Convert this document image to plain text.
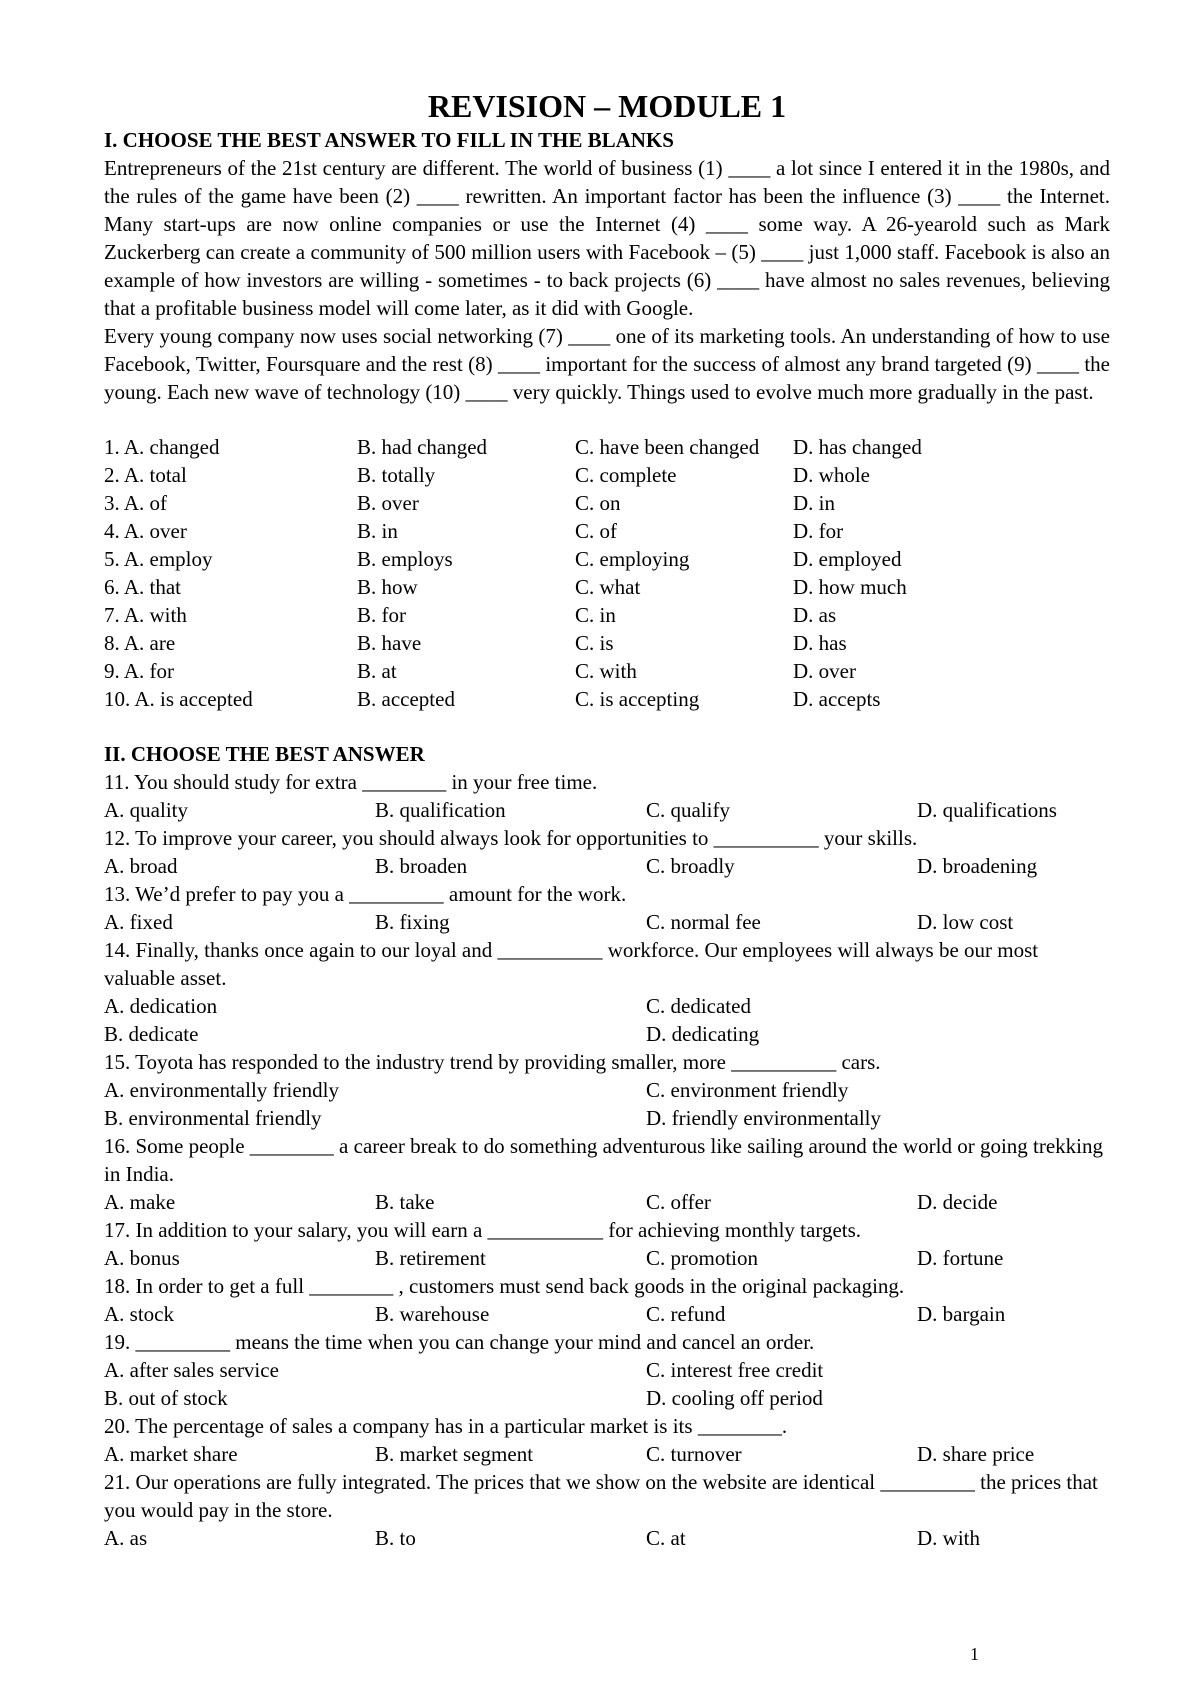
REVISION – MODULE 1

I. CHOOSE THE BEST ANSWER TO FILL IN THE BLANKS

Entrepreneurs of the 21st century are different. The world of business (1) ____ a lot since I entered it in the 1980s, and the rules of the game have been (2) ____ rewritten. An important factor has been the influence (3) ____ the Internet. Many start-ups are now online companies or use the Internet (4) ____ some way. A 26-yearold such as Mark Zuckerberg can create a community of 500 million users with Facebook – (5) ____ just 1,000 staff. Facebook is also an example of how investors are willing - sometimes - to back projects (6) ____ have almost no sales revenues, believing that a profitable business model will come later, as it did with Google.

Every young company now uses social networking (7) ____ one of its marketing tools. An understanding of how to use Facebook, Twitter, Foursquare and the rest (8) ____ important for the success of almost any brand targeted (9) ____ the young. Each new wave of technology (10) ____ very quickly. Things used to evolve much more gradually in the past.

1. A. changed	B. had changed	C. have been changed	D. has changed
2. A. total	B. totally	C. complete	D. whole
3. A. of	B. over	C. on	D. in
4. A. over	B. in	C. of	D. for
5. A. employ	B. employs	C. employing	D. employed
6. A. that	B. how	C. what	D. how much
7. A. with	B. for	C. in	D. as
8. A. are	B. have	C. is	D. has
9. A. for	B. at	C. with	D. over
10. A. is accepted	B. accepted	C. is accepting	D. accepts

II. CHOOSE THE BEST ANSWER

11. You should study for extra ________ in your free time.

A. quality	B. qualification	C. qualify	D. qualifications

12. To improve your career, you should always look for opportunities to __________ your skills.

A. broad	B. broaden	C. broadly	D. broadening

13. We’d prefer to pay you a _________ amount for the work.

A. fixed	B. fixing	C. normal fee	D. low cost

14. Finally, thanks once again to our loyal and __________ workforce. Our employees will always be our most valuable asset.

A. dedication	C. dedicated
B. dedicate	D. dedicating

15. Toyota has responded to the industry trend by providing smaller, more __________ cars.

A. environmentally friendly	C. environment friendly
B. environmental friendly	D. friendly environmentally

16. Some people ________ a career break to do something adventurous like sailing around the world or going trekking in India.

A. make	B. take	C. offer	D. decide

17. In addition to your salary, you will earn a ___________ for achieving monthly targets.

A. bonus	B. retirement	C. promotion	D. fortune

18. In order to get a full ________ , customers must send back goods in the original packaging.

A. stock	B. warehouse	C. refund	D. bargain

19. _________ means the time when you can change your mind and cancel an order.

A. after sales service	C. interest free credit
B. out of stock	D. cooling off period

20. The percentage of sales a company has in a particular market is its ________.

A. market share	B. market segment	C. turnover	D. share price

21. Our operations are fully integrated. The prices that we show on the website are identical _________ the prices that you would pay in the store.

A. as	B. to	C. at	D. with
1
